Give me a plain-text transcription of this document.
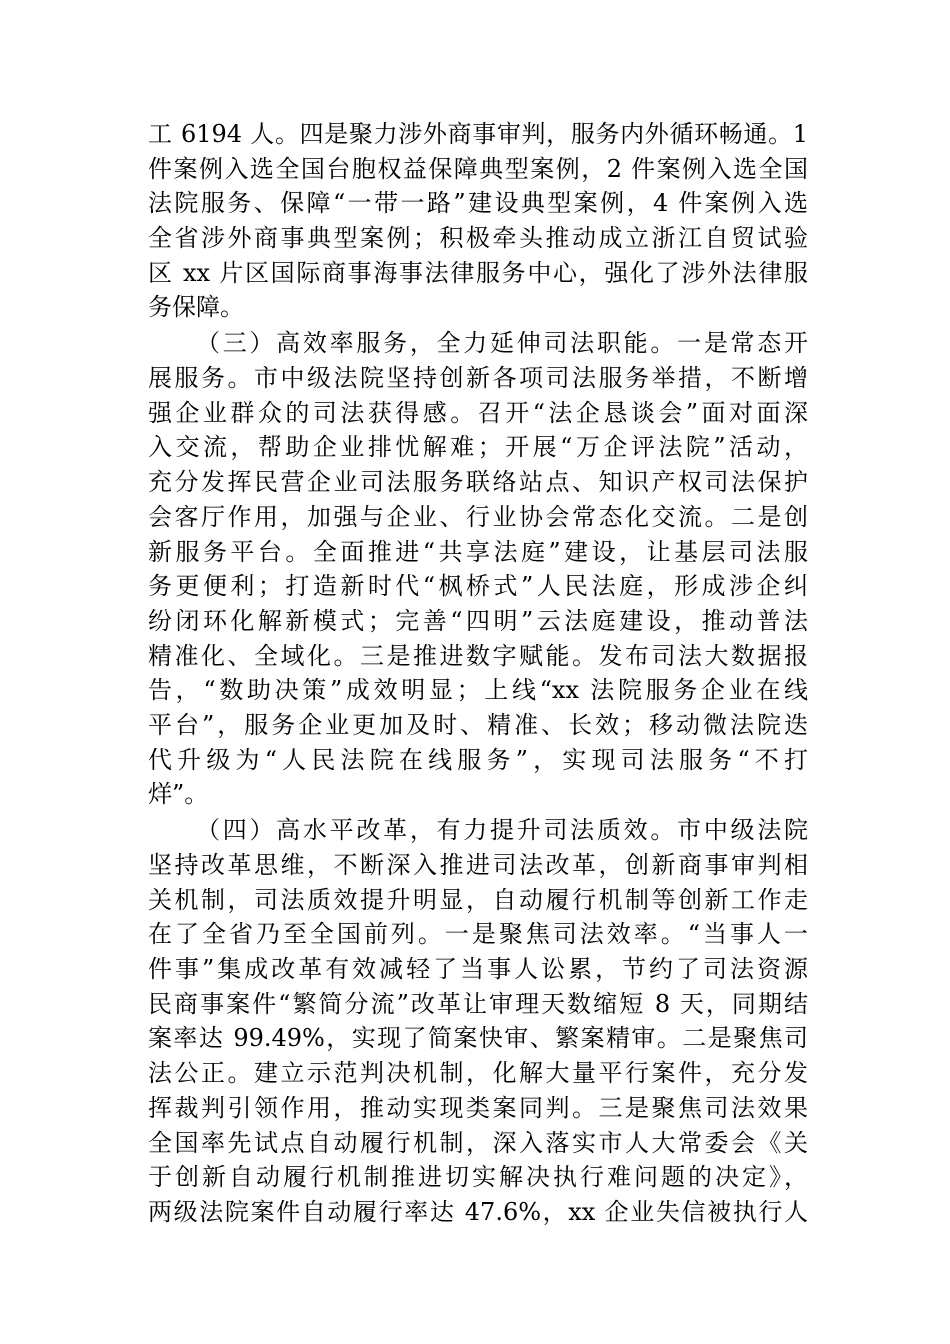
工 6194 人。四是聚力涉外商事审判，服务内外循环畅通。1
件案例入选全国台胞权益保障典型案例，2 件案例入选全国
法院服务、保障“一带一路”建设典型案例，4 件案例入选
全省涉外商事典型案例；积极牵头推动成立浙江自贸试验
区 xx 片区国际商事海事法律服务中心，强化了涉外法律服
务保障。
（三）高效率服务，全力延伸司法职能。一是常态开
展服务。市中级法院坚持创新各项司法服务举措，不断增
强企业群众的司法获得感。召开“法企恳谈会”面对面深
入交流，帮助企业排忧解难；开展“万企评法院”活动，
充分发挥民营企业司法服务联络站点、知识产权司法保护
会客厅作用，加强与企业、行业协会常态化交流。二是创
新服务平台。全面推进“共享法庭”建设，让基层司法服
务更便利；打造新时代“枫桥式”人民法庭，形成涉企纠
纷闭环化解新模式；完善“四明”云法庭建设，推动普法
精准化、全域化。三是推进数字赋能。发布司法大数据报
告，“数助决策”成效明显；上线“xx 法院服务企业在线
平台”，服务企业更加及时、精准、长效；移动微法院迭
代升级为“人民法院在线服务”，实现司法服务“不打
烊”。
（四）高水平改革，有力提升司法质效。市中级法院
坚持改革思维，不断深入推进司法改革，创新商事审判相
关机制，司法质效提升明显，自动履行机制等创新工作走
在了全省乃至全国前列。一是聚焦司法效率。“当事人一
件事”集成改革有效减轻了当事人讼累，节约了司法资源
民商事案件“繁简分流”改革让审理天数缩短 8 天，同期结
案率达 99.49%，实现了简案快审、繁案精审。二是聚焦司
法公正。建立示范判决机制，化解大量平行案件，充分发
挥裁判引领作用，推动实现类案同判。三是聚焦司法效果
全国率先试点自动履行机制，深入落实市人大常委会《关
于创新自动履行机制推进切实解决执行难问题的决定》，
两级法院案件自动履行率达 47.6%，xx 企业失信被执行人
